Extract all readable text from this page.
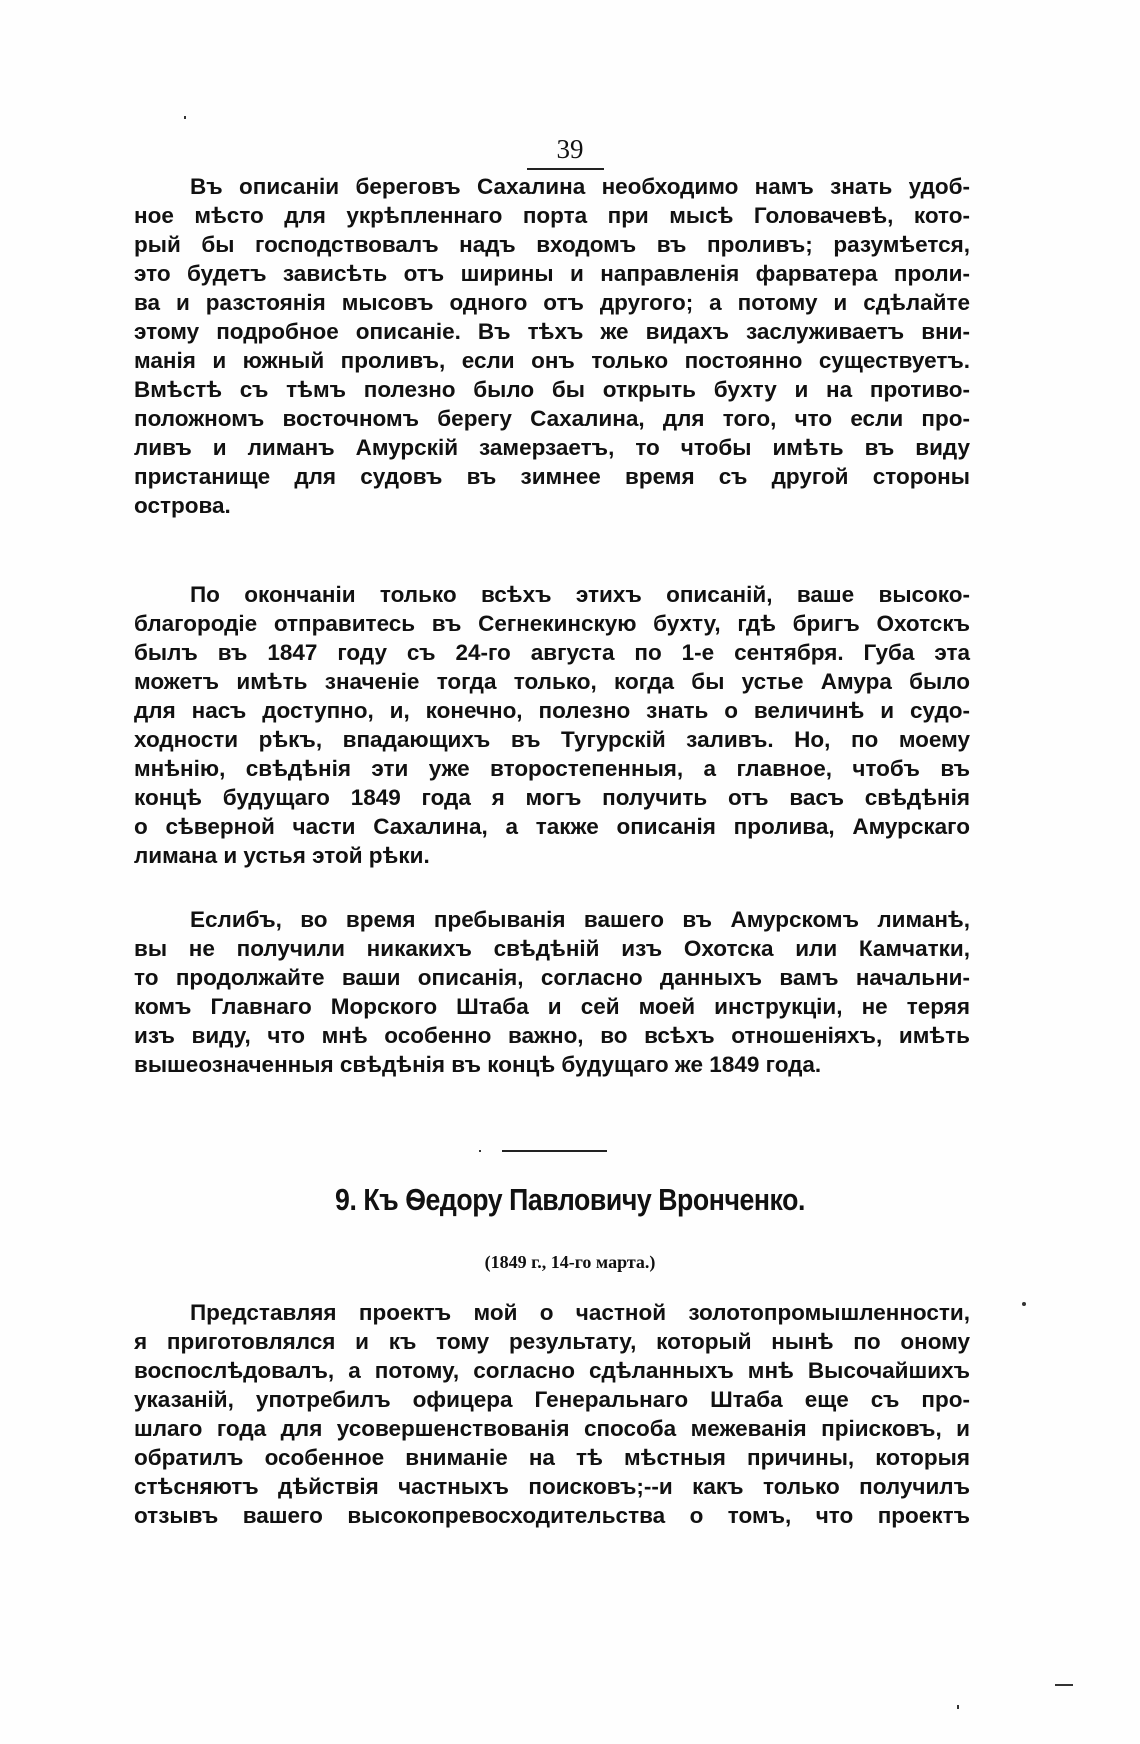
39
Въ описаніи береговъ Сахалина необходимо намъ знать удоб-
ное мѣсто для укрѣпленнаго порта при мысѣ Головачевѣ, кото-
рый бы господствовалъ надъ входомъ въ проливъ; разумѣется,
это будетъ зависѣть отъ ширины и направленія фарватера проли-
ва и разстоянія мысовъ одного отъ другого; а потому и сдѣлайте
этому подробное описаніе. Въ тѣхъ же видахъ заслуживаетъ вни-
манія и южный проливъ, если онъ только постоянно существуетъ.
Вмѣстѣ съ тѣмъ полезно было бы открыть бухту и на противо-
положномъ восточномъ берегу Сахалина, для того, что если про-
ливъ и лиманъ Амурскій замерзаетъ, то чтобы имѣть въ виду
пристанище для судовъ въ зимнее время съ другой стороны
острова.
По окончаніи только всѣхъ этихъ описаній, ваше высоко-
благородіе отправитесь въ Сегнекинскую бухту, гдѣ бригъ Охотскъ
былъ въ 1847 году съ 24-го августа по 1-е сентября. Губа эта
можетъ имѣть значеніе тогда только, когда бы устье Амура было
для насъ доступно, и, конечно, полезно знать о величинѣ и судо-
ходности рѣкъ, впадающихъ въ Тугурскій заливъ. Но, по моему
мнѣнію, свѣдѣнія эти уже второстепенныя, а главное, чтобъ въ
концѣ будущаго 1849 года я могъ получить отъ васъ свѣдѣнія
о сѣверной части Сахалина, а также описанія пролива, Амурскаго
лимана и устья этой рѣки.
Еслибъ, во время пребыванія вашего въ Амурскомъ лиманѣ,
вы не получили никакихъ свѣдѣній изъ Охотска или Камчатки,
то продолжайте ваши описанія, согласно данныхъ вамъ начальни-
комъ Главнаго Морского Штаба и сей моей инструкціи, не теряя
изъ виду, что мнѣ особенно важно, во всѣхъ отношеніяхъ, имѣть
вышеозначенныя свѣдѣнія въ концѣ будущаго же 1849 года.
9. Къ Ѳедору Павловичу Вронченко.
(1849 г., 14-го марта.)
Представляя проектъ мой о частной золотопромышленности,
я приготовлялся и къ тому результату, который нынѣ по оному
воспослѣдовалъ, а потому, согласно сдѣланныхъ мнѣ Высочайшихъ
указаній, употребилъ офицера Генеральнаго Штаба еще съ про-
шлаго года для усовершенствованія способа межеванія пріисковъ, и
обратилъ особенное вниманіе на тѣ мѣстныя причины, которыя
стѣсняютъ дѣйствія частныхъ поисковъ;--и какъ только получилъ
отзывъ вашего высокопревосходительства о томъ, что проектъ
